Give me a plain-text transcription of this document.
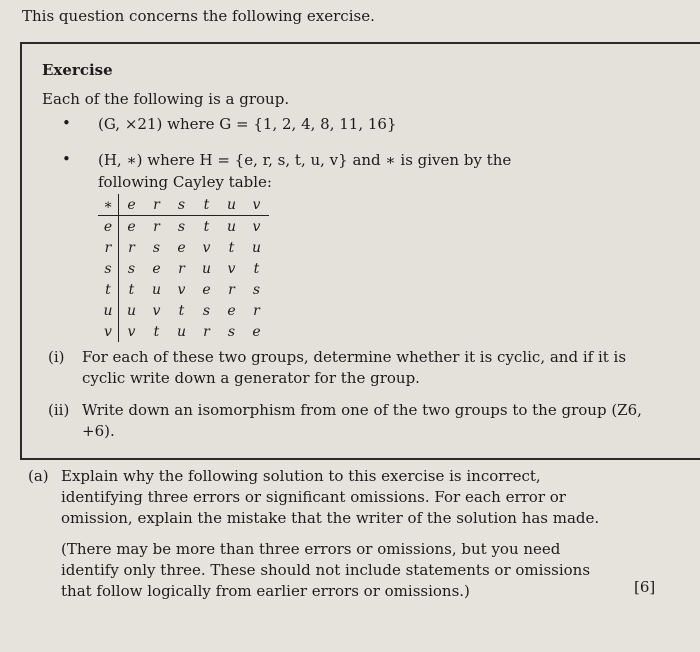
This question concerns the following exercise.
Exercise
Each of the following is a group.
• (G, ×21) where G = {1, 2, 4, 8, 11, 16}
• (H, ∗) where H = {e, r, s, t, u, v} and ∗ is given by the following Cayley table:
∗	e	r	s	t	u	v
e	e	r	s	t	u	v
r	r	s	e	v	t	u
s	s	e	r	u	v	t
t	t	u	v	e	r	s
u	u	v	t	s	e	r
v	v	t	u	r	s	e
(i) For each of these two groups, determine whether it is cyclic, and if it is cyclic write down a generator for the group.
(ii) Write down an isomorphism from one of the two groups to the group (Z6, +6).
(a) Explain why the following solution to this exercise is incorrect, identifying three errors or significant omissions. For each error or omission, explain the mistake that the writer of the solution has made.
(There may be more than three errors or omissions, but you need identify only three. These should not include statements or omissions that follow logically from earlier errors or omissions.)	[6]
